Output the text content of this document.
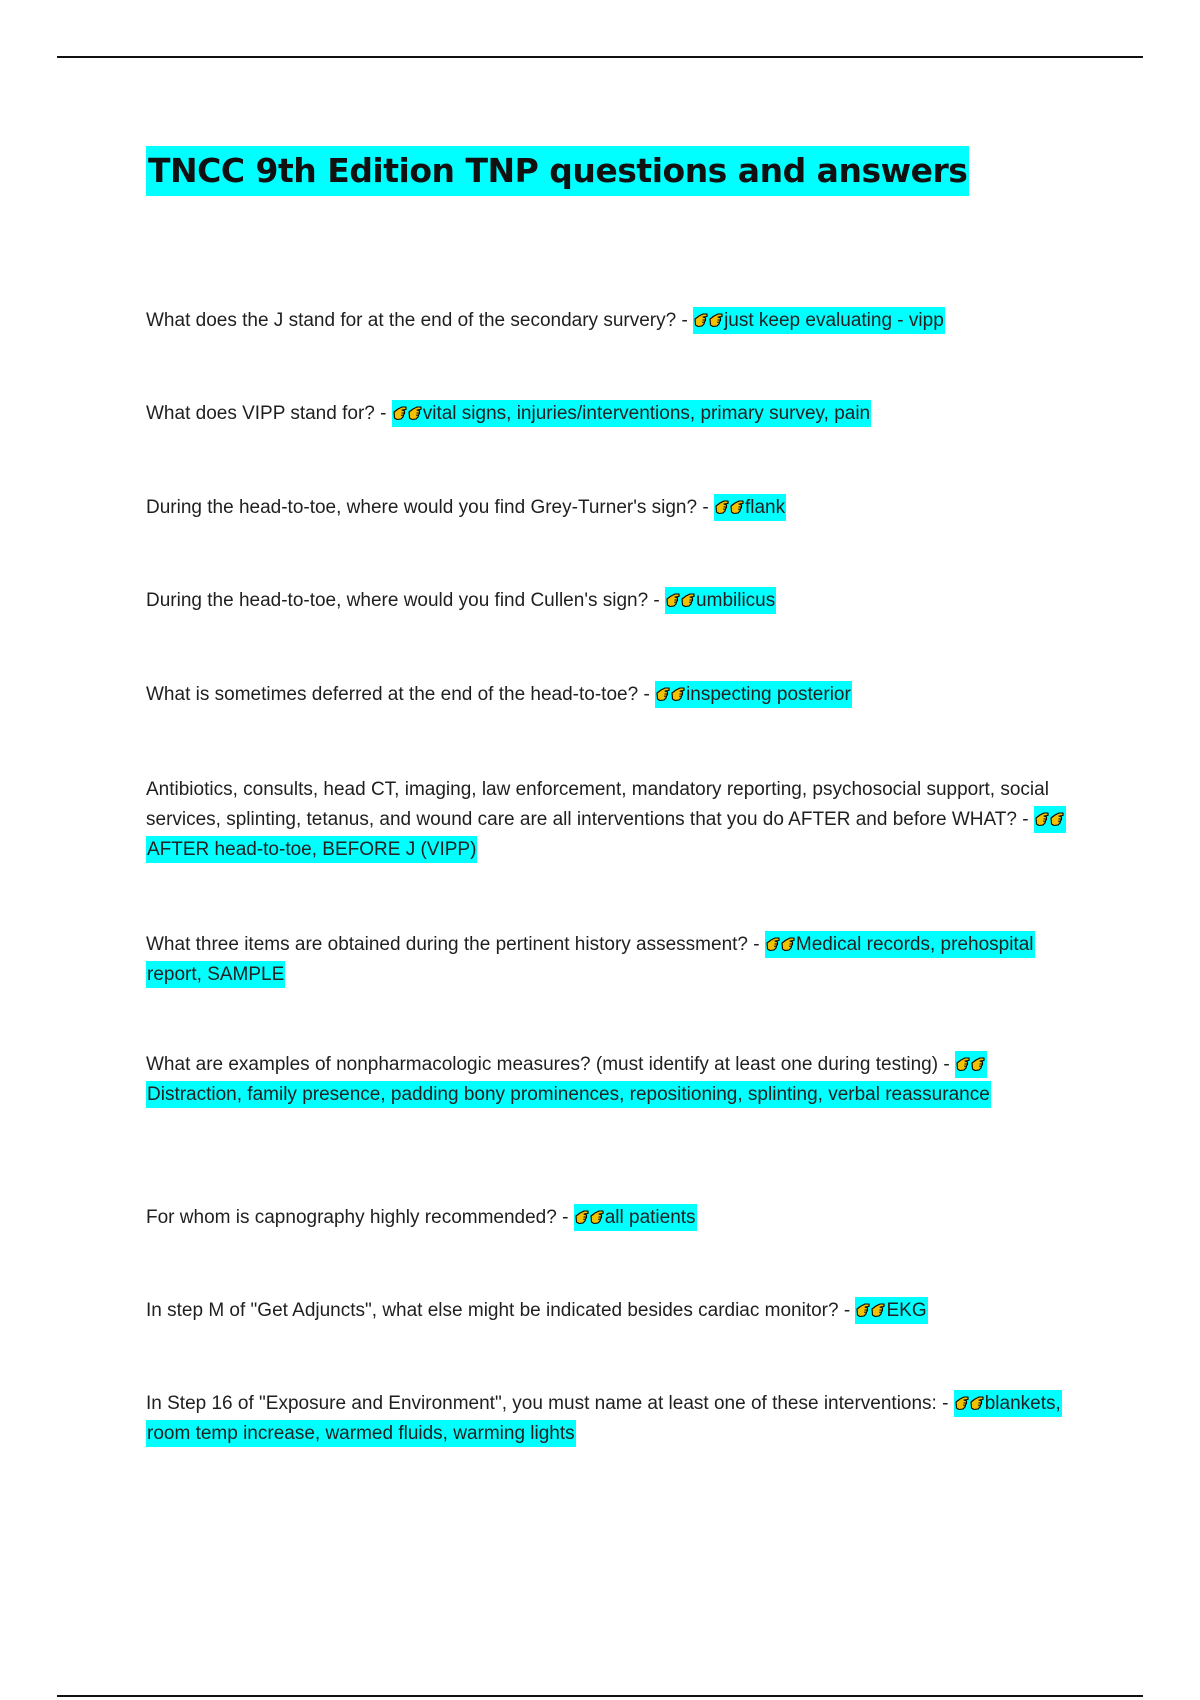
TNCC 9th Edition TNP questions and answers
What does the J stand for at the end of the secondary survery? - just keep evaluating - vipp
What does VIPP stand for? - vital signs, injuries/interventions, primary survey, pain
During the head-to-toe, where would you find Grey-Turner's sign? - flank
During the head-to-toe, where would you find Cullen's sign? - umbilicus
What is sometimes deferred at the end of the head-to-toe? - inspecting posterior
Antibiotics, consults, head CT, imaging, law enforcement, mandatory reporting, psychosocial support, social services, splinting, tetanus, and wound care are all interventions that you do AFTER and before WHAT? -
AFTER head-to-toe, BEFORE J (VIPP)
What three items are obtained during the pertinent history assessment? - Medical records, prehospital report, SAMPLE
What are examples of nonpharmacologic measures? (must identify at least one during testing) -
Distraction, family presence, padding bony prominences, repositioning, splinting, verbal reassurance
For whom is capnography highly recommended? - all patients
In step M of "Get Adjuncts", what else might be indicated besides cardiac monitor? - EKG
In Step 16 of "Exposure and Environment", you must name at least one of these interventions: - blankets, room temp increase, warmed fluids, warming lights
